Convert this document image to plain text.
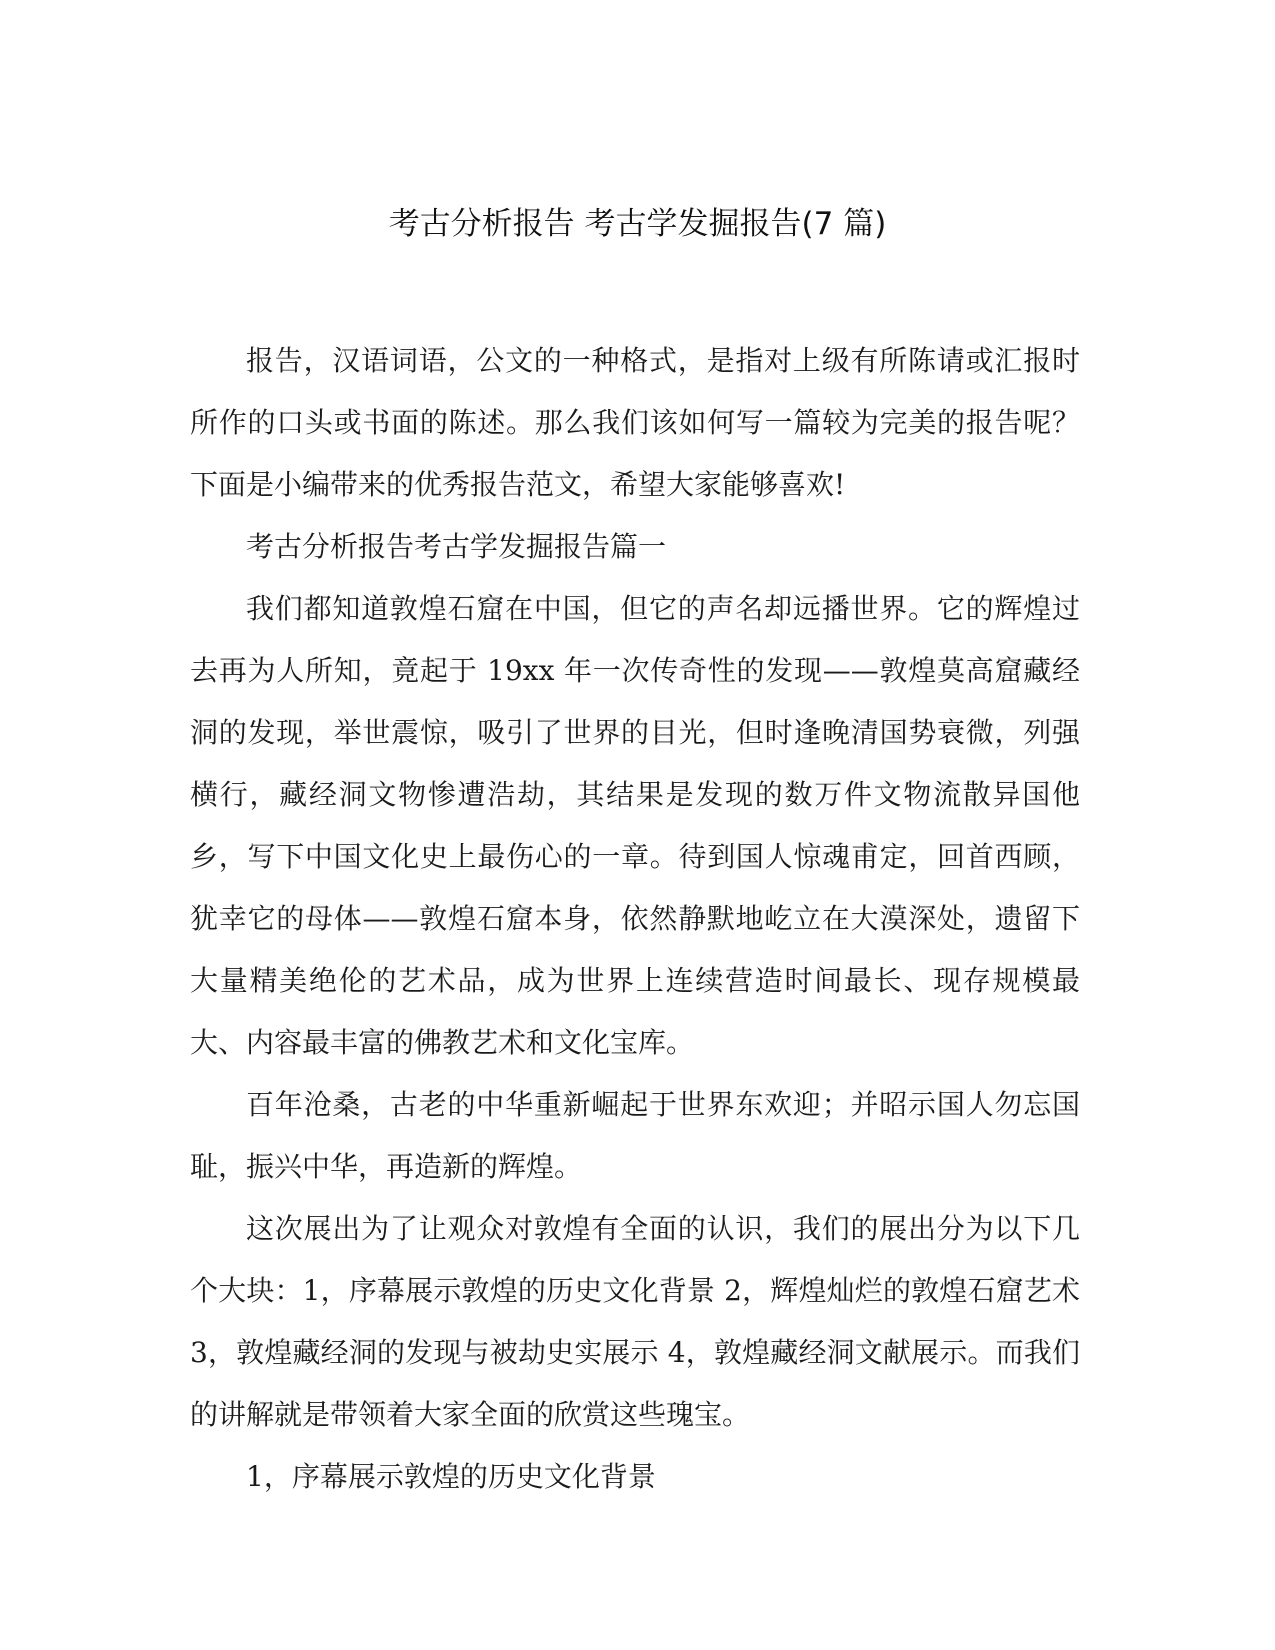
考古分析报告 考古学发掘报告(7 篇)

报告，汉语词语，公文的一种格式，是指对上级有所陈请或汇报时所作的口头或书面的陈述。那么我们该如何写一篇较为完美的报告呢？下面是小编带来的优秀报告范文，希望大家能够喜欢!

考古分析报告考古学发掘报告篇一

我们都知道敦煌石窟在中国，但它的声名却远播世界。它的辉煌过去再为人所知，竟起于 19xx 年一次传奇性的发现——敦煌莫高窟藏经洞的发现，举世震惊，吸引了世界的目光，但时逢晚清国势衰微，列强横行，藏经洞文物惨遭浩劫，其结果是发现的数万件文物流散异国他乡，写下中国文化史上最伤心的一章。待到国人惊魂甫定，回首西顾，犹幸它的母体——敦煌石窟本身，依然静默地屹立在大漠深处，遗留下大量精美绝伦的艺术品，成为世界上连续营造时间最长、现存规模最大、内容最丰富的佛教艺术和文化宝库。

百年沧桑，古老的中华重新崛起于世界东欢迎；并昭示国人勿忘国耻，振兴中华，再造新的辉煌。

这次展出为了让观众对敦煌有全面的认识，我们的展出分为以下几个大块：1，序幕展示敦煌的历史文化背景 2，辉煌灿烂的敦煌石窟艺术 3，敦煌藏经洞的发现与被劫史实展示 4，敦煌藏经洞文献展示。而我们的讲解就是带领着大家全面的欣赏这些瑰宝。

1，序幕展示敦煌的历史文化背景
